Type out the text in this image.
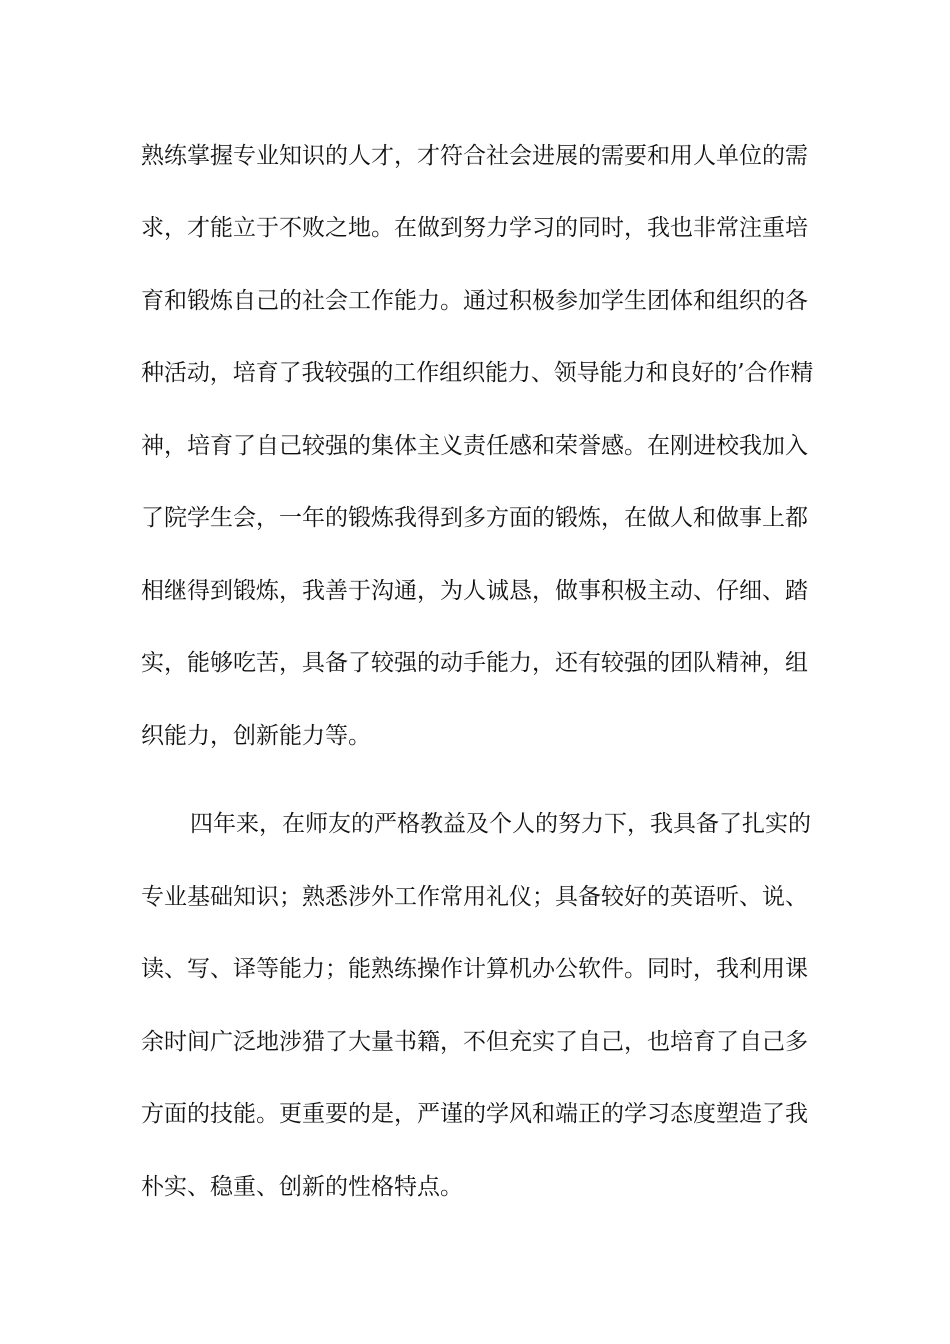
熟练掌握专业知识的人才，才符合社会进展的需要和用人单位的需
求，才能立于不败之地。在做到努力学习的同时，我也非常注重培
育和锻炼自己的社会工作能力。通过积极参加学生团体和组织的各
种活动，培育了我较强的工作组织能力、领导能力和良好的’合作精
神，培育了自己较强的集体主义责任感和荣誉感。在刚进校我加入
了院学生会，一年的锻炼我得到多方面的锻炼，在做人和做事上都
相继得到锻炼，我善于沟通，为人诚恳，做事积极主动、仔细、踏
实，能够吃苦，具备了较强的动手能力，还有较强的团队精神，组
织能力，创新能力等。
四年来，在师友的严格教益及个人的努力下，我具备了扎实的
专业基础知识；熟悉涉外工作常用礼仪；具备较好的英语听、说、
读、写、译等能力；能熟练操作计算机办公软件。同时，我利用课
余时间广泛地涉猎了大量书籍，不但充实了自己，也培育了自己多
方面的技能。更重要的是，严谨的学风和端正的学习态度塑造了我
朴实、稳重、创新的性格特点。
